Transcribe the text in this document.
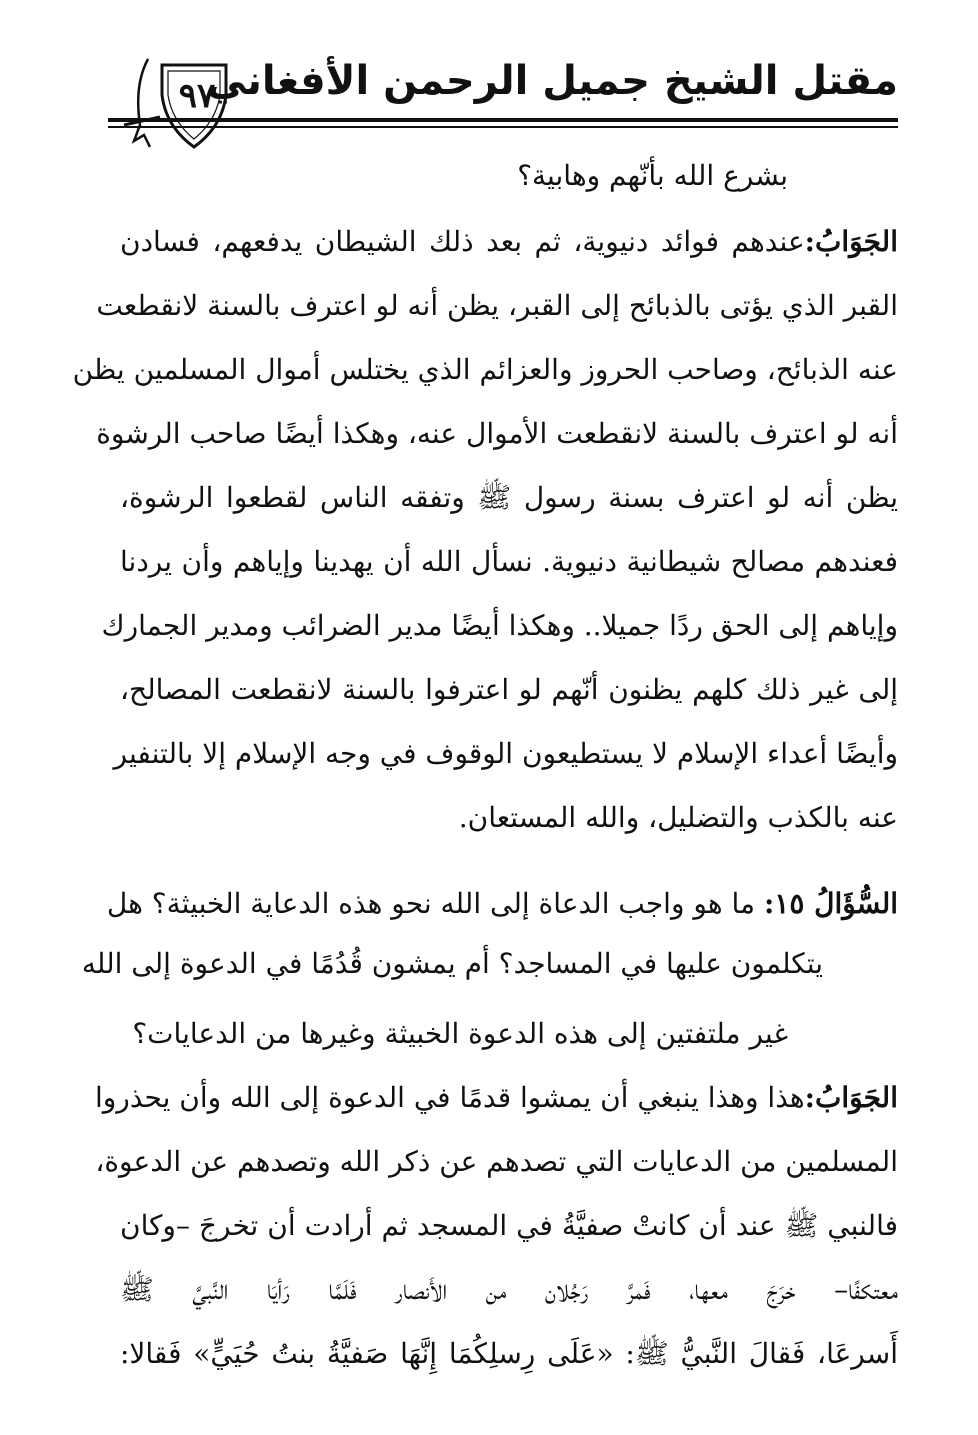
مقتل الشيخ جميل الرحمن الأفغاني
٩٧
بشرع الله بأنّهم وهابية؟
الجَوَابُ:عندهم فوائد دنيوية، ثم بعد ذلك الشيطان يدفعهم، فسادن
القبر الذي يؤتى بالذبائح إلى القبر، يظن أنه لو اعترف بالسنة لانقطعت
عنه الذبائح، وصاحب الحروز والعزائم الذي يختلس أموال المسلمين يظن
أنه لو اعترف بالسنة لانقطعت الأموال عنه، وهكذا أيضًا صاحب الرشوة
يظن أنه لو اعترف بسنة رسول ﷺ وتفقه الناس لقطعوا الرشوة،
فعندهم مصالح شيطانية دنيوية. نسأل الله أن يهدينا وإياهم وأن يردنا
وإياهم إلى الحق ردًا جميلا.. وهكذا أيضًا مدير الضرائب ومدير الجمارك
إلى غير ذلك كلهم يظنون أنّهم لو اعترفوا بالسنة لانقطعت المصالح،
وأيضًا أعداء الإسلام لا يستطيعون الوقوف في وجه الإسلام إلا بالتنفير
عنه بالكذب والتضليل، والله المستعان.
السُّؤَالُ ١٥: ما هو واجب الدعاة إلى الله نحو هذه الدعاية الخبيثة؟ هل
يتكلمون عليها في المساجد؟ أم يمشون قُدُمًا في الدعوة إلى الله
غير ملتفتين إلى هذه الدعوة الخبيثة وغيرها من الدعايات؟
الجَوَابُ:هذا وهذا ينبغي أن يمشوا قدمًا في الدعوة إلى الله وأن يحذروا
المسلمين من الدعايات التي تصدهم عن ذكر الله وتصدهم عن الدعوة،
فالنبي ﷺ عند أن كانتْ صفيَّةُ في المسجد ثم أرادت أن تخرجَ –وكان
معتكفًا– خرَجَ معها، فَمرَّ رَجُلان من الأَنصار فَلَمَّا رَأيَا النَّبيَّ ﷺ
أَسرعَا، فَقالَ النَّبيُّ ﷺ: «عَلَى رِسلِكُمَا إِنَّهَا صَفيَّةُ بنتُ حُيَيٍّ» فَقالا:
